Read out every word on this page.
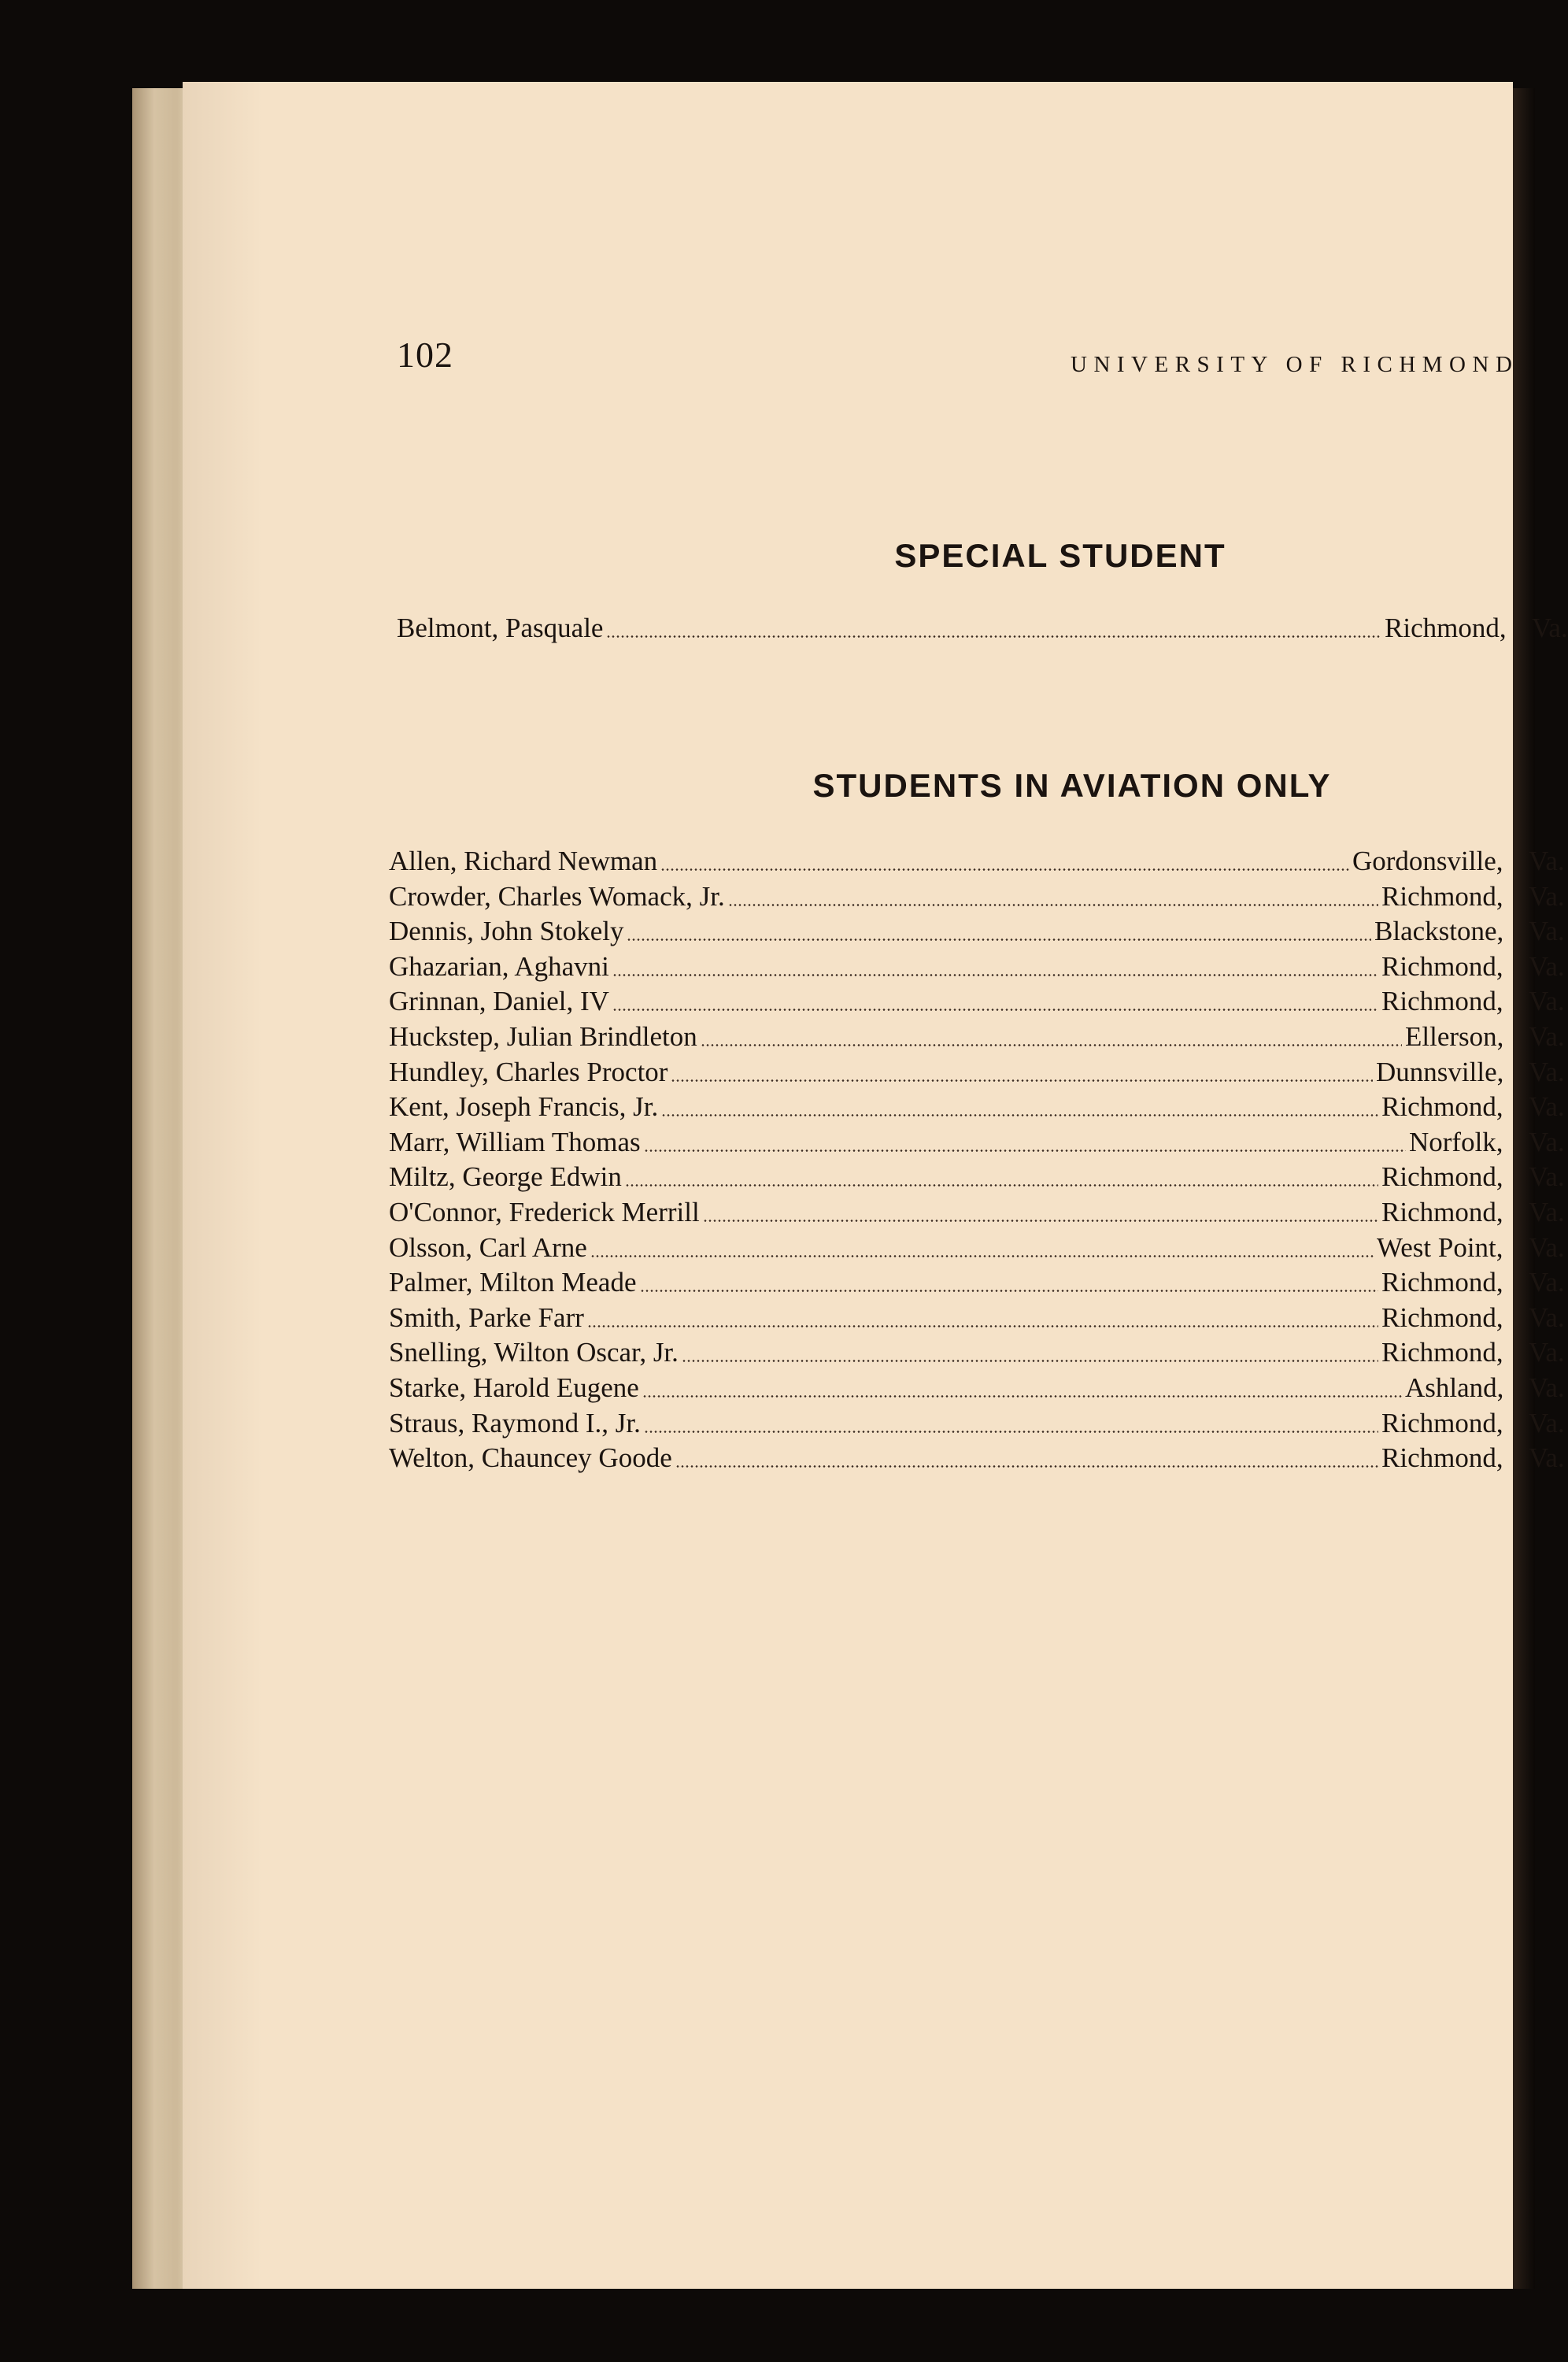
102	UNIVERSITY OF RICHMOND
SPECIAL STUDENT
Belmont, Pasquale	Richmond, Va.
STUDENTS IN AVIATION ONLY
Allen, Richard Newman	Gordonsville, Va.
Crowder, Charles Womack, Jr.	Richmond, Va.
Dennis, John Stokely	Blackstone, Va.
Ghazarian, Aghavni	Richmond, Va.
Grinnan, Daniel, IV	Richmond, Va.
Huckstep, Julian Brindleton	Ellerson, Va.
Hundley, Charles Proctor	Dunnsville, Va.
Kent, Joseph Francis, Jr.	Richmond, Va.
Marr, William Thomas	Norfolk, Va.
Miltz, George Edwin	Richmond, Va.
O'Connor, Frederick Merrill	Richmond, Va.
Olsson, Carl Arne	West Point, Va.
Palmer, Milton Meade	Richmond, Va.
Smith, Parke Farr	Richmond, Va.
Snelling, Wilton Oscar, Jr.	Richmond, Va.
Starke, Harold Eugene	Ashland, Va.
Straus, Raymond I., Jr.	Richmond, Va.
Welton, Chauncey Goode	Richmond, Va.
